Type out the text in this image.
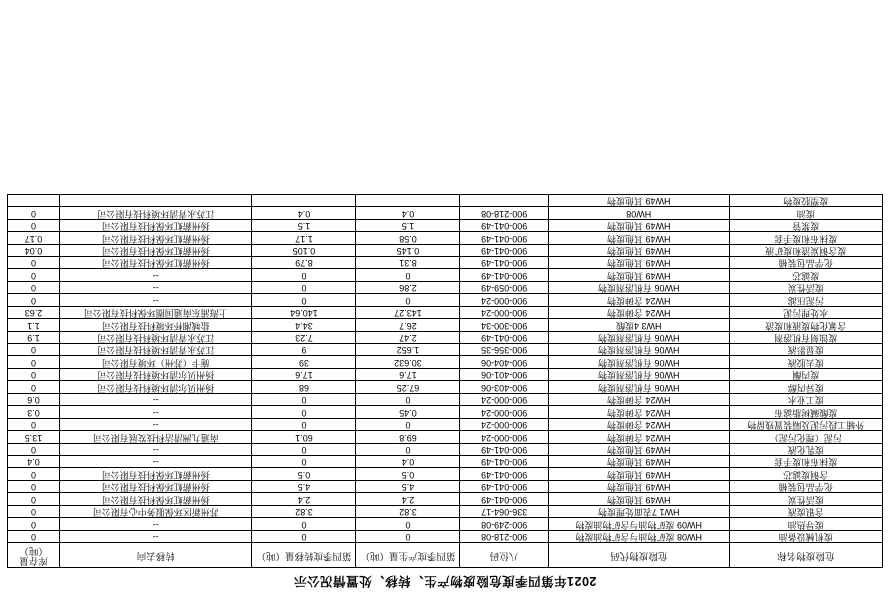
2021年第四季度危险废物产生、转移、处置情况公示
危险废物名称	危险废物代码	八位码	第四季度产生量（吨）	第四季度转移量（吨）	转移去向	库存量（吨）
废机械设备油	HW08 废矿物油与含矿物油废物	900-218-08	0	0	--	0
废导热油	HW09 废矿物油与含矿物油废物	900-249-08	0	0	--	0
含银废液	HW1 7表面处理废物	336-064-17	3.82	3.82	苏州新区环保服务中心有限公司	0
废活性炭	HW49 其他废物	900-041-49	2.4	2.4	扬州薪虹环保科技有限公司	0
化学品包装桶	HW49 其他废物	900-041-49	4.5	4.5	扬州薪虹环保科技有限公司	0
含铜废滤芯	HW49 其他废物	900-041-49	0.5	0.5	扬州薪虹环保科技有限公司	0
废抹布和废手套	HW49 其他废物	900-041-49	0.4	0	--	0.4
废乳化液	HW49 其他废物	900-041-49	0	0	--	0
污泥（理化污泥）	HW24 含砷废物	900-000-24	69.8	60.1	南通九洲清洁科技发展有限公司	13.5
外辅工段污泥及隔装置残留物	HW24 含砷废物	900-000-24	0	0	--	0
废酸碱树脂滤布	HW24 含砷废物	900-000-24	0.45	0	--	0.3
废工业水	HW24 含砷废物	900-000-24	0	0	--	0.6
废异丙醇	HW06 有机溶剂废物	900-403-06	67.25	68	扬州贝尔清环境科技有限公司	0
废丙酮	HW06 有机溶剂废物	900-401-06	17.6	17.6	扬州贝尔清环境科技有限公司	0
废去胶液	HW06 有机溶剂废物	900-404-06	30.632	39	施卡（苏州）环境有限公司	0
废显影液	HW06 有机溶剂废物	900-356-35	1.652	9	江苏永青清环境科技有限公司	0
废蚀刻有机溶剂	HW06 有机溶剂废物	900-041-49	2.47	7.23	江苏永青清环境科技有限公司	1.9
含氰化物废液和废渣	HW3 4废酸	900-300-34	26.7	34.4	盐城湘杯环境科技有限公司	1.1
水处理污泥	HW24 含砷废物	900-000-24	143.27	140.64	上海浦东南通国圈环保科技有限公司	2.63
污泥压滤	HW24 含砷废物	900-000-24	0	0	--	0
废活性炭	HW06 有机溶剂废物	900-059-49	2.86	0	--	0
废滤芯	HW49 其他废物	900-041-49	0	0	--	0
化学品包装桶	HW49 其他废物	900-041-49	8.31	8.79	扬州薪虹环保科技有限公司	0
废含铜炭渣和废矿液	HW49 其他废物	900-041-49	0.145	0.105	扬州薪虹环保科技有限公司	0.04
废抹布和废手套	HW49 其他废物	900-041-49	0.58	1.17	扬州薪虹环保科技有限公司	0.17
废浆管	HW49 其他废物	900-041-49	1.5	1.5	扬州薪虹环保科技有限公司	0
废油	HW08	900-218-08	0.4	0.4	江苏永青清环境科技有限公司	0
废塑胶废物	HW49 其他废物					
